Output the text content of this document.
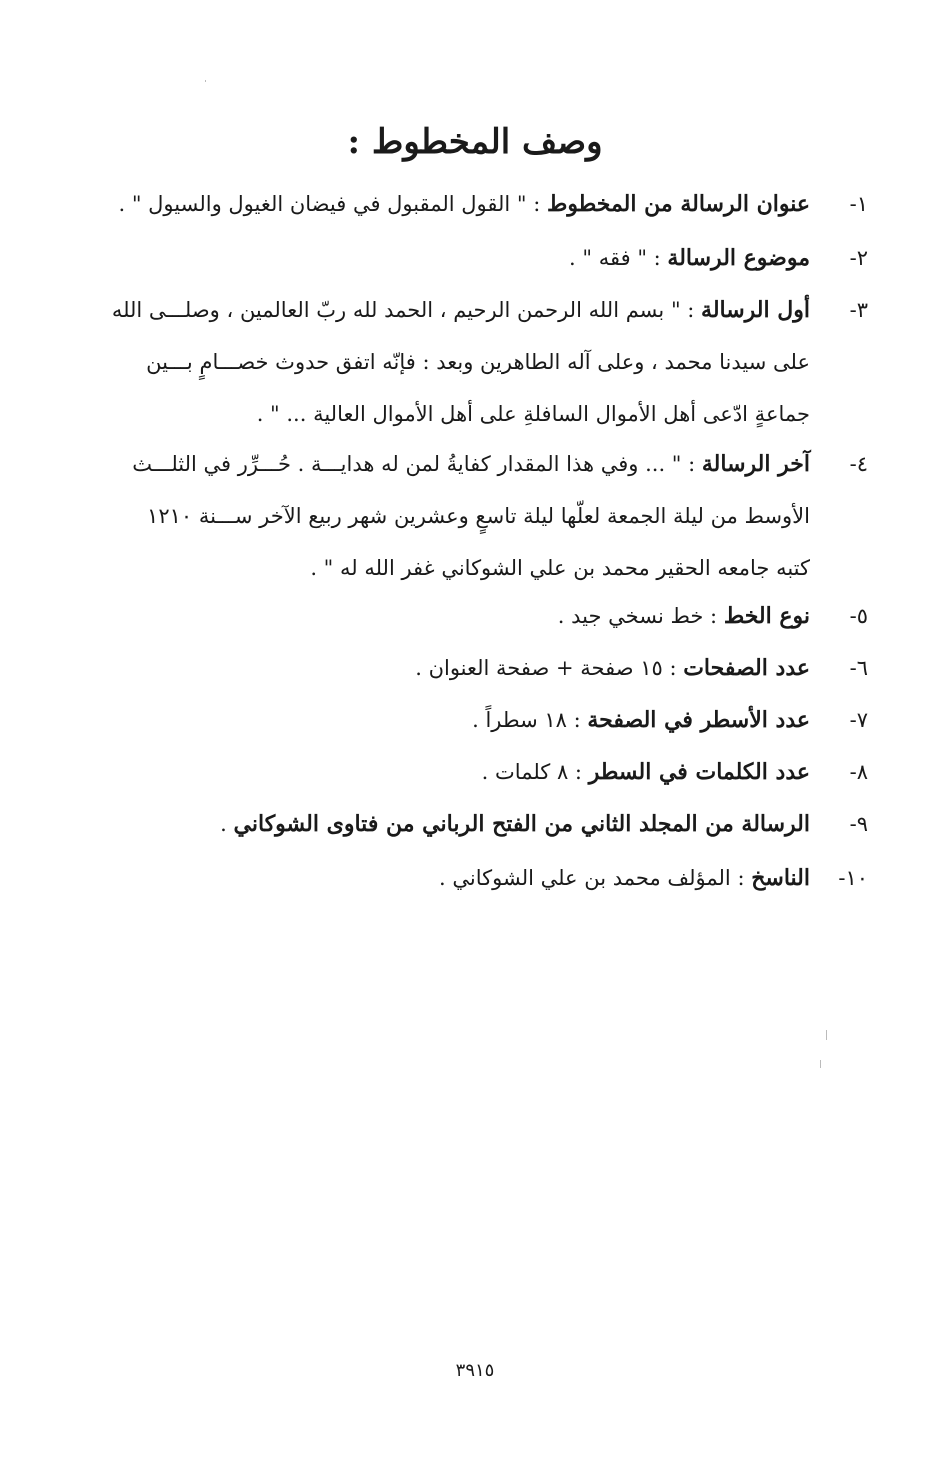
وصف المخطوط :
١-عنوان الرسالة من المخطوط : " القول المقبول في فيضان الغيول والسيول " .
٢-موضوع الرسالة : " فقه " .
٣-أول الرسالة : " بسم الله الرحمن الرحيم ، الحمد لله ربّ العالمين ، وصلـــى الله
على سيدنا محمد ، وعلى آله الطاهرين وبعد : فإنّه اتفق حدوث خصـــامٍ بـــين
جماعةٍ ادّعى أهل الأموال السافلةِ على أهل الأموال العالية ... " .
٤-آخر الرسالة : " ... وفي هذا المقدار كفايةُ لمن له هدايـــة . حُـــرِّر في الثلـــث
الأوسط من ليلة الجمعة لعلّها ليلة تاسعٍ وعشرين شهر ربيع الآخر ســـنة ١٢١٠
كتبه جامعه الحقير محمد بن علي الشوكاني غفر الله له " .
٥-نوع الخط : خط نسخي جيد .
٦-عدد الصفحات : ١٥ صفحة + صفحة العنوان .
٧-عدد الأسطر في الصفحة : ١٨ سطراً .
٨-عدد الكلمات في السطر : ٨ كلمات .
٩-الرسالة من المجلد الثاني من الفتح الرباني من فتاوى الشوكاني .
١٠-الناسخ : المؤلف محمد بن علي الشوكاني .
٣٩١٥
